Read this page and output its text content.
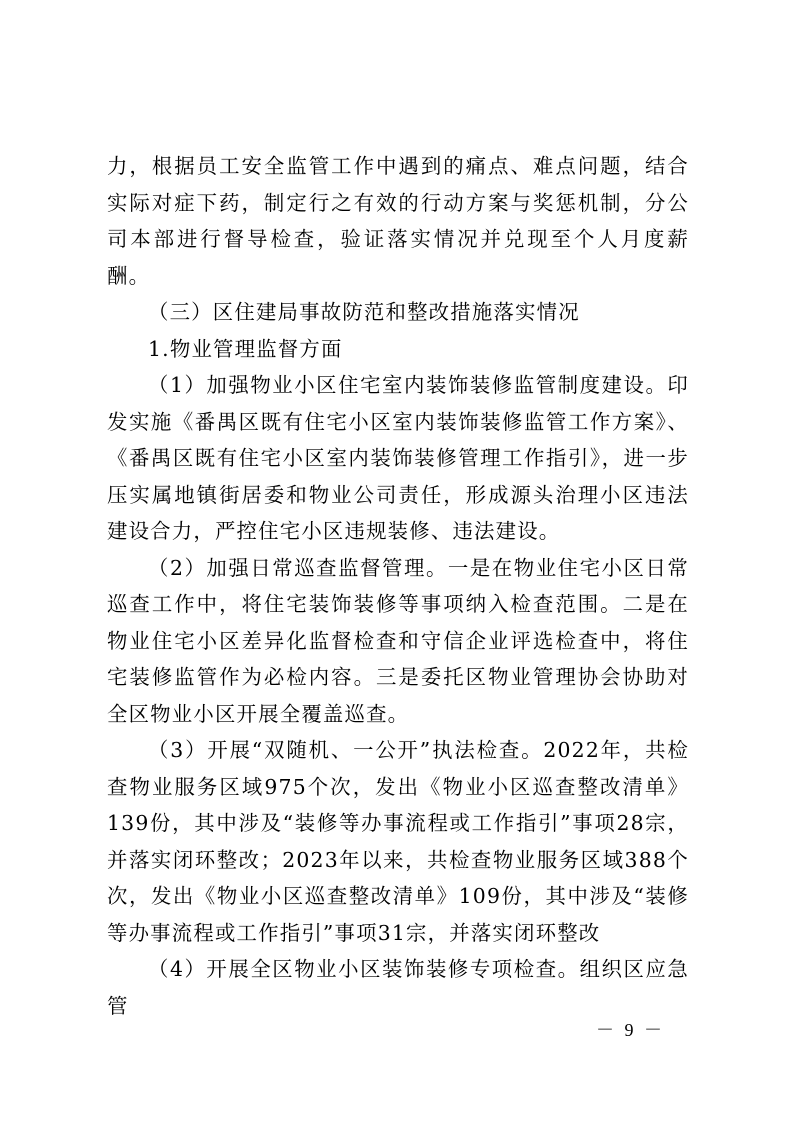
力，根据员工安全监管工作中遇到的痛点、难点问题，结合实际对症下药，制定行之有效的行动方案与奖惩机制，分公司本部进行督导检查，验证落实情况并兑现至个人月度薪酬。

（三）区住建局事故防范和整改措施落实情况

1.物业管理监督方面

（1）加强物业小区住宅室内装饰装修监管制度建设。印发实施《番禺区既有住宅小区室内装饰装修监管工作方案》、《番禺区既有住宅小区室内装饰装修管理工作指引》，进一步压实属地镇街居委和物业公司责任，形成源头治理小区违法建设合力，严控住宅小区违规装修、违法建设。

（2）加强日常巡查监督管理。一是在物业住宅小区日常巡查工作中，将住宅装饰装修等事项纳入检查范围。二是在物业住宅小区差异化监督检查和守信企业评选检查中，将住宅装修监管作为必检内容。三是委托区物业管理协会协助对全区物业小区开展全覆盖巡查。

（3）开展“双随机、一公开”执法检查。2022年，共检查物业服务区域975个次，发出《物业小区巡查整改清单》139份，其中涉及“装修等办事流程或工作指引”事项28宗，并落实闭环整改；2023年以来，共检查物业服务区域388个次，发出《物业小区巡查整改清单》109份，其中涉及“装修等办事流程或工作指引”事项31宗，并落实闭环整改

（4）开展全区物业小区装饰装修专项检查。组织区应急管

－ 9 －
